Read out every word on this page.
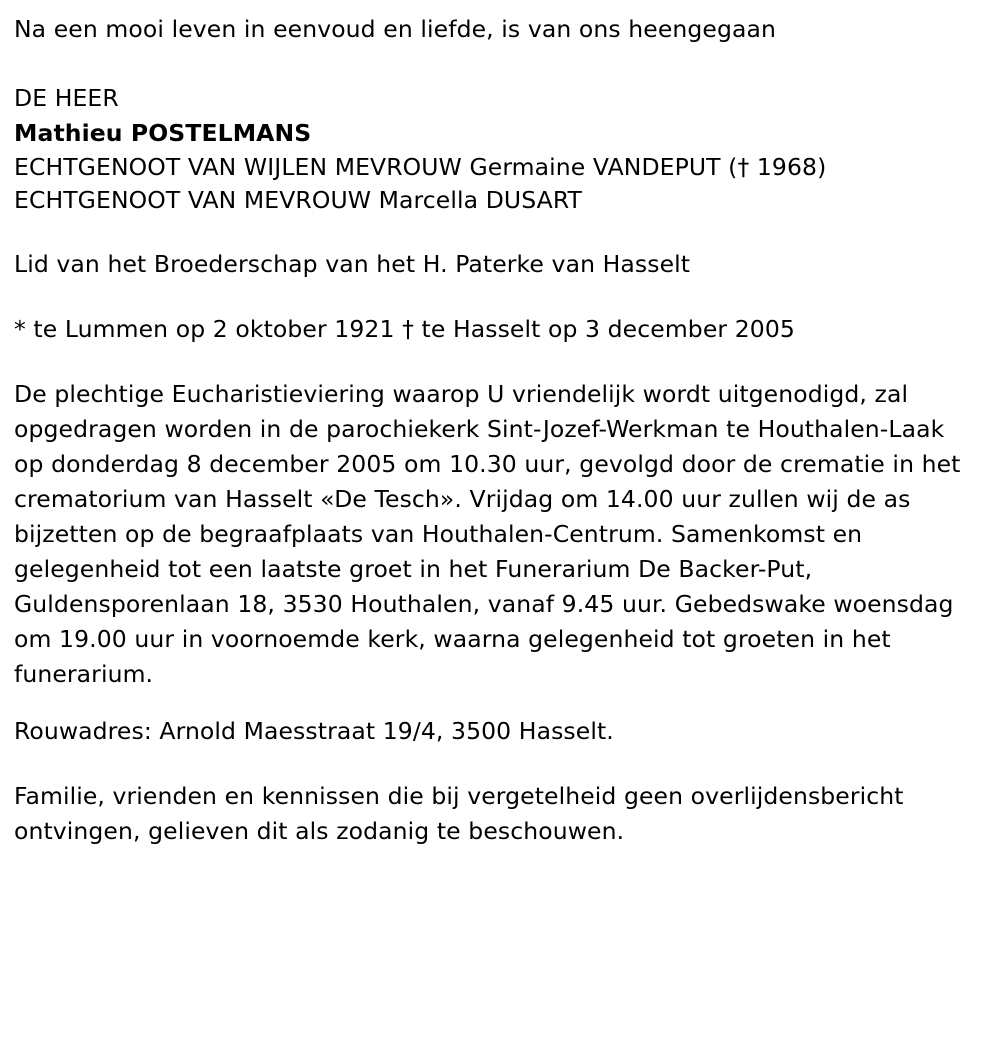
Na een mooi leven in eenvoud en liefde, is van ons heengegaan
DE HEER
Mathieu POSTELMANS
ECHTGENOOT VAN WIJLEN MEVROUW Germaine VANDEPUT († 1968)
ECHTGENOOT VAN MEVROUW Marcella DUSART
Lid van het Broederschap van het H. Paterke van Hasselt
* te Lummen op 2 oktober 1921 † te Hasselt op 3 december 2005
De plechtige Eucharistieviering waarop U vriendelijk wordt uitgenodigd, zal opgedragen worden in de parochiekerk Sint-Jozef-Werkman te Houthalen-Laak op donderdag 8 december 2005 om 10.30 uur, gevolgd door de crematie in het crematorium van Hasselt «De Tesch». Vrijdag om 14.00 uur zullen wij de as bijzetten op de begraafplaats van Houthalen-Centrum. Samenkomst en gelegenheid tot een laatste groet in het Funerarium De Backer-Put, Guldensporenlaan 18, 3530 Houthalen, vanaf 9.45 uur. Gebedswake woensdag om 19.00 uur in voornoemde kerk, waarna gelegenheid tot groeten in het funerarium.
Rouwadres: Arnold Maesstraat 19/4, 3500 Hasselt.
Familie, vrienden en kennissen die bij vergetelheid geen overlijdensbericht ontvingen, gelieven dit als zodanig te beschouwen.
